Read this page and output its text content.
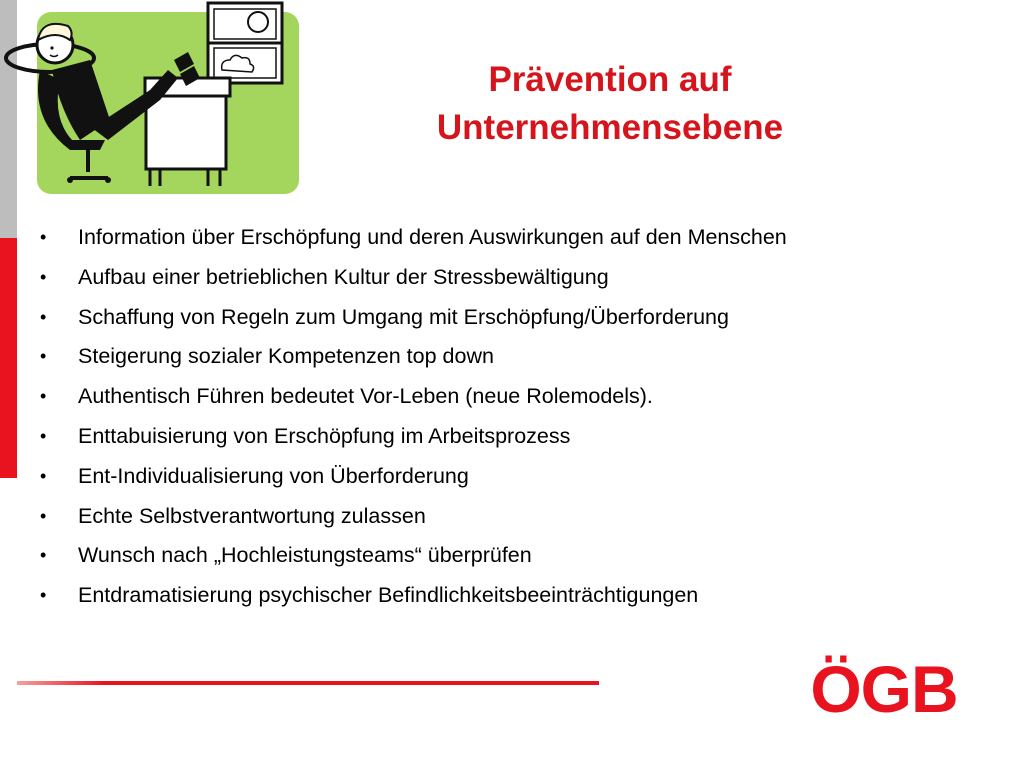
Prävention auf
Unternehmensebene
• Information über Erschöpfung und deren Auswirkungen auf den Menschen
• Aufbau einer betrieblichen Kultur der Stressbewältigung
• Schaffung von Regeln zum Umgang mit Erschöpfung/Überforderung
• Steigerung sozialer Kompetenzen top down
• Authentisch Führen bedeutet Vor-Leben (neue Rolemodels).
• Enttabuisierung von Erschöpfung im Arbeitsprozess
• Ent-Individualisierung von Überforderung
• Echte Selbstverantwortung zulassen
• Wunsch nach „Hochleistungsteams“ überprüfen
• Entdramatisierung psychischer Befindlichkeitsbeeinträchtigungen
ÖGB
